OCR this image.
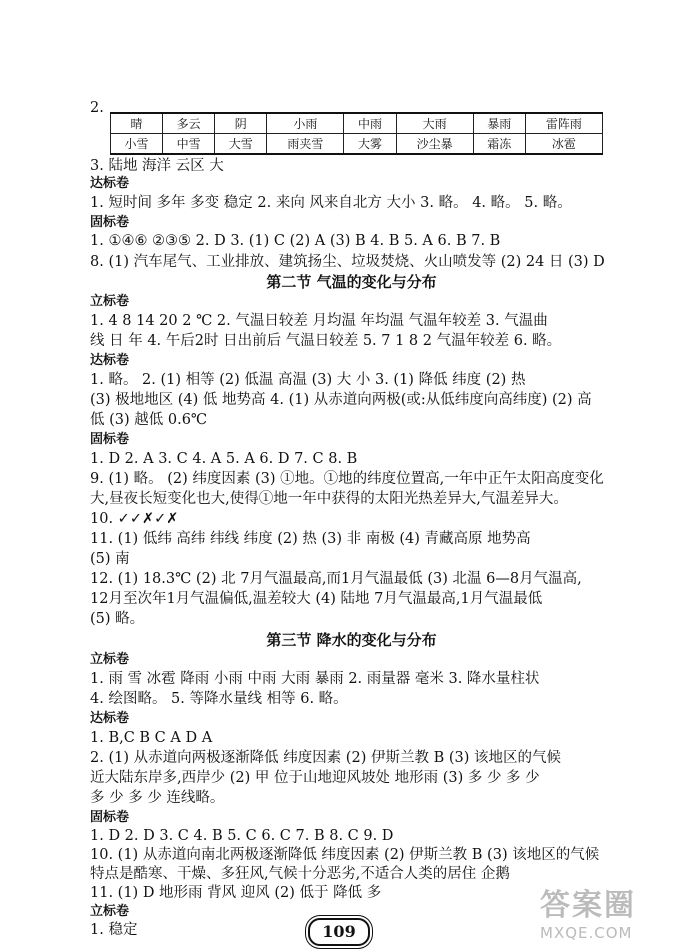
2.
晴	多云	阴	小雨	中雨	大雨	暴雨	雷阵雨
小雪	中雪	大雪	雨夹雪	大雾	沙尘暴	霜冻	冰雹
3. 陆地 海洋 云区 大
达标卷
1. 短时间 多年 多变 稳定 2. 来向 风来自北方 大小 3. 略。 4. 略。 5. 略。
固标卷
1. ①④⑥ ②③⑤ 2. D 3. (1) C (2) A (3) B 4. B 5. A 6. B 7. B
8. (1) 汽车尾气、工业排放、建筑扬尘、垃圾焚烧、火山喷发等 (2) 24 日 (3) D
第二节 气温的变化与分布
立标卷
1. 4 8 14 20 2 ℃ 2. 气温日较差 月均温 年均温 气温年较差 3. 气温曲
线 日 年 4. 午后2时 日出前后 气温日较差 5. 7 1 8 2 气温年较差 6. 略。
达标卷
1. 略。 2. (1) 相等 (2) 低温 高温 (3) 大 小 3. (1) 降低 纬度 (2) 热
(3) 极地地区 (4) 低 地势高 4. (1) 从赤道向两极(或:从低纬度向高纬度) (2) 高
低 (3) 越低 0.6℃
固标卷
1. D 2. A 3. C 4. A 5. A 6. D 7. C 8. B
9. (1) 略。 (2) 纬度因素 (3) ①地。①地的纬度位置高,一年中正午太阳高度变化
大,昼夜长短变化也大,使得①地一年中获得的太阳光热差异大,气温差异大。
10. ✓✓✗✓✗
11. (1) 低纬 高纬 纬线 纬度 (2) 热 (3) 非 南极 (4) 青藏高原 地势高
(5) 南
12. (1) 18.3℃ (2) 北 7月气温最高,而1月气温最低 (3) 北温 6—8月气温高,
12月至次年1月气温偏低,温差较大 (4) 陆地 7月气温最高,1月气温最低
(5) 略。
第三节 降水的变化与分布
立标卷
1. 雨 雪 冰雹 降雨 小雨 中雨 大雨 暴雨 2. 雨量器 毫米 3. 降水量柱状
4. 绘图略。 5. 等降水量线 相等 6. 略。
达标卷
1. B,C B C A D A
2. (1) 从赤道向两极逐渐降低 纬度因素 (2) 伊斯兰教 B (3) 该地区的气候
近大陆东岸多,西岸少 (2) 甲 位于山地迎风坡处 地形雨 (3) 多 少 多 少
多 少 多 少 连线略。
固标卷
1. D 2. D 3. C 4. B 5. C 6. C 7. B 8. C 9. D
10. (1) 从赤道向南北两极逐渐降低 纬度因素 (2) 伊斯兰教 B (3) 该地区的气候
特点是酷寒、干燥、多狂风,气候十分恶劣,不适合人类的居住 企鹅
11. (1) D 地形雨 背风 迎风 (2) 低于 降低 多
立标卷
1. 稳定	109
答案圈
MXQE.COM
